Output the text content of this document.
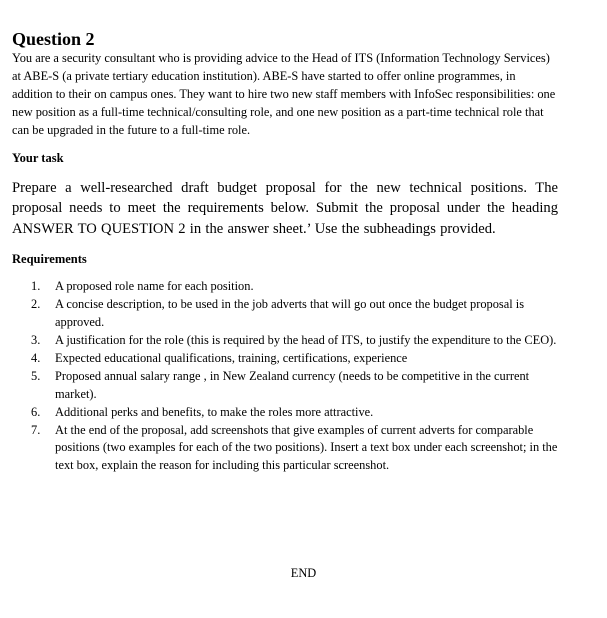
Question 2

You are a security consultant who is providing advice to the Head of ITS (Information Technology Services) at ABE-S (a private tertiary education institution). ABE-S have started to offer online programmes, in addition to their on campus ones. They want to hire two new staff members with InfoSec responsibilities: one new position as a full-time technical/consulting role, and one new position as a part-time technical role that can be upgraded in the future to a full-time role.

Your task

Prepare a well-researched draft budget proposal for the new technical positions. The proposal needs to meet the requirements below. Submit the proposal under the heading ANSWER TO QUESTION 2 in the answer sheet.’ Use the subheadings provided.

Requirements

1. A proposed role name for each position.
2. A concise description, to be used in the job adverts that will go out once the budget proposal is approved.
3. A justification for the role (this is required by the head of ITS, to justify the expenditure to the CEO).
4. Expected educational qualifications, training, certifications, experience
5. Proposed annual salary range , in New Zealand currency (needs to be competitive in the current market).
6. Additional perks and benefits, to make the roles more attractive.
7. At the end of the proposal, add screenshots that give examples of current adverts for comparable positions (two examples for each of the two positions). Insert a text box under each screenshot; in the text box, explain the reason for including this particular screenshot.
END
